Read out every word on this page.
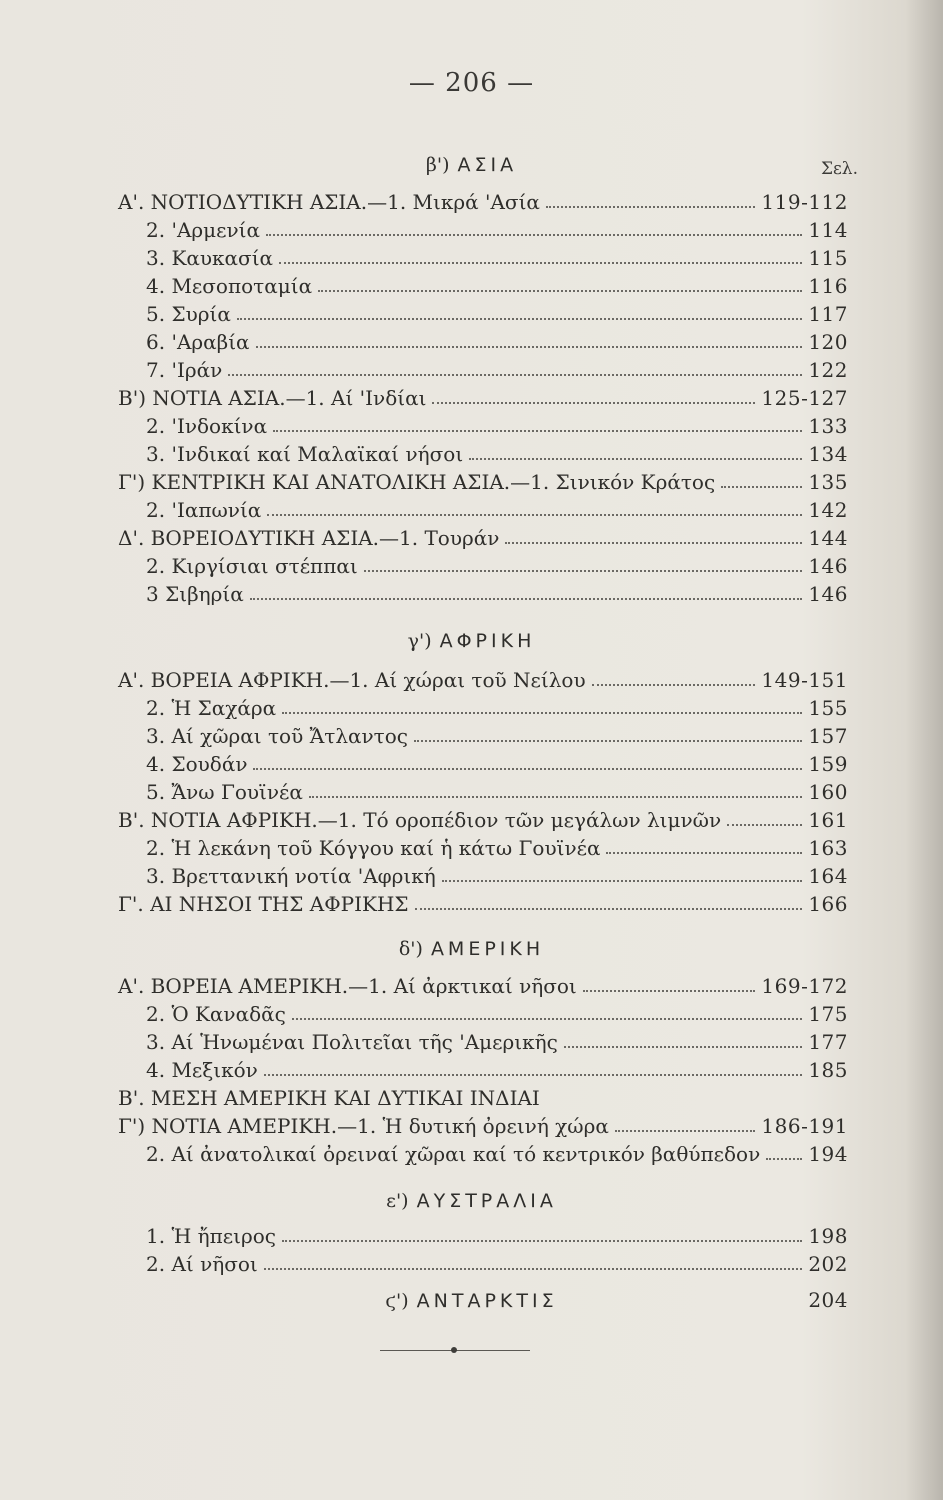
— 206 —
β') ΑΣΙΑ	Σελ.
Α'. ΝΟΤΙΟΔΥΤΙΚΗ ΑΣΙΑ.—1. Μικρά 'Ασία	119-112
2. 'Αρμενία	114
3. Καυκασία	115
4. Μεσοποταμία	116
5. Συρία	117
6. 'Αραβία	120
7. 'Ιράν	122
Β') ΝΟΤΙΑ ΑΣΙΑ.—1. Αί 'Ινδίαι	125-127
2. 'Ινδοκίνα	133
3. 'Ινδικαί καί Μαλαϊκαί νήσοι	134
Γ') ΚΕΝΤΡΙΚΗ ΚΑΙ ΑΝΑΤΟΛΙΚΗ ΑΣΙΑ.—1. Σινικόν Κράτος	135
2. 'Ιαπωνία	142
Δ'. ΒΟΡΕΙΟΔΥΤΙΚΗ ΑΣΙΑ.—1. Τουράν	144
2. Κιργίσιαι στέππαι	146
3 Σιβηρία	146
γ') ΑΦΡΙΚΗ
Α'. ΒΟΡΕΙΑ ΑΦΡΙΚΗ.—1. Αί χώραι τοῦ Νείλου	149-151
2. Ἡ Σαχάρα	155
3. Αί χῶραι τοῦ Ἄτλαντος	157
4. Σουδάν	159
5. Ἄνω Γουϊνέα	160
Β'. ΝΟΤΙΑ ΑΦΡΙΚΗ.—1. Τό οροπέδιον τῶν μεγάλων λιμνῶν	161
2. Ἡ λεκάνη τοῦ Κόγγου καί ἡ κάτω Γουϊνέα	163
3. Βρεττανική νοτία 'Αφρική	164
Γ'. ΑΙ ΝΗΣΟΙ ΤΗΣ ΑΦΡΙΚΗΣ	166
δ') ΑΜΕΡΙΚΗ
Α'. ΒΟΡΕΙΑ ΑΜΕΡΙΚΗ.—1. Αί ἀρκτικαί νῆσοι	169-172
2. Ὁ Καναδᾶς	175
3. Αί Ἡνωμέναι Πολιτεῖαι τῆς 'Αμερικῆς	177
4. Μεξικόν	185
Β'. ΜΕΣΗ ΑΜΕΡΙΚΗ ΚΑΙ ΔΥΤΙΚΑΙ ΙΝΔΙΑΙ
Γ') ΝΟΤΙΑ ΑΜΕΡΙΚΗ.—1. Ἡ δυτική ὀρεινή χώρα	186-191
2. Αί ἀνατολικαί ὀρειναί χῶραι καί τό κεντρικόν βαθύπεδον 194
ε') ΑΥΣΤΡΑΛΙΑ
1. Ἡ ἤπειρος	198
2. Αί νῆσοι	202
ϛ') ΑΝΤΑΡΚΤΙΣ	204
